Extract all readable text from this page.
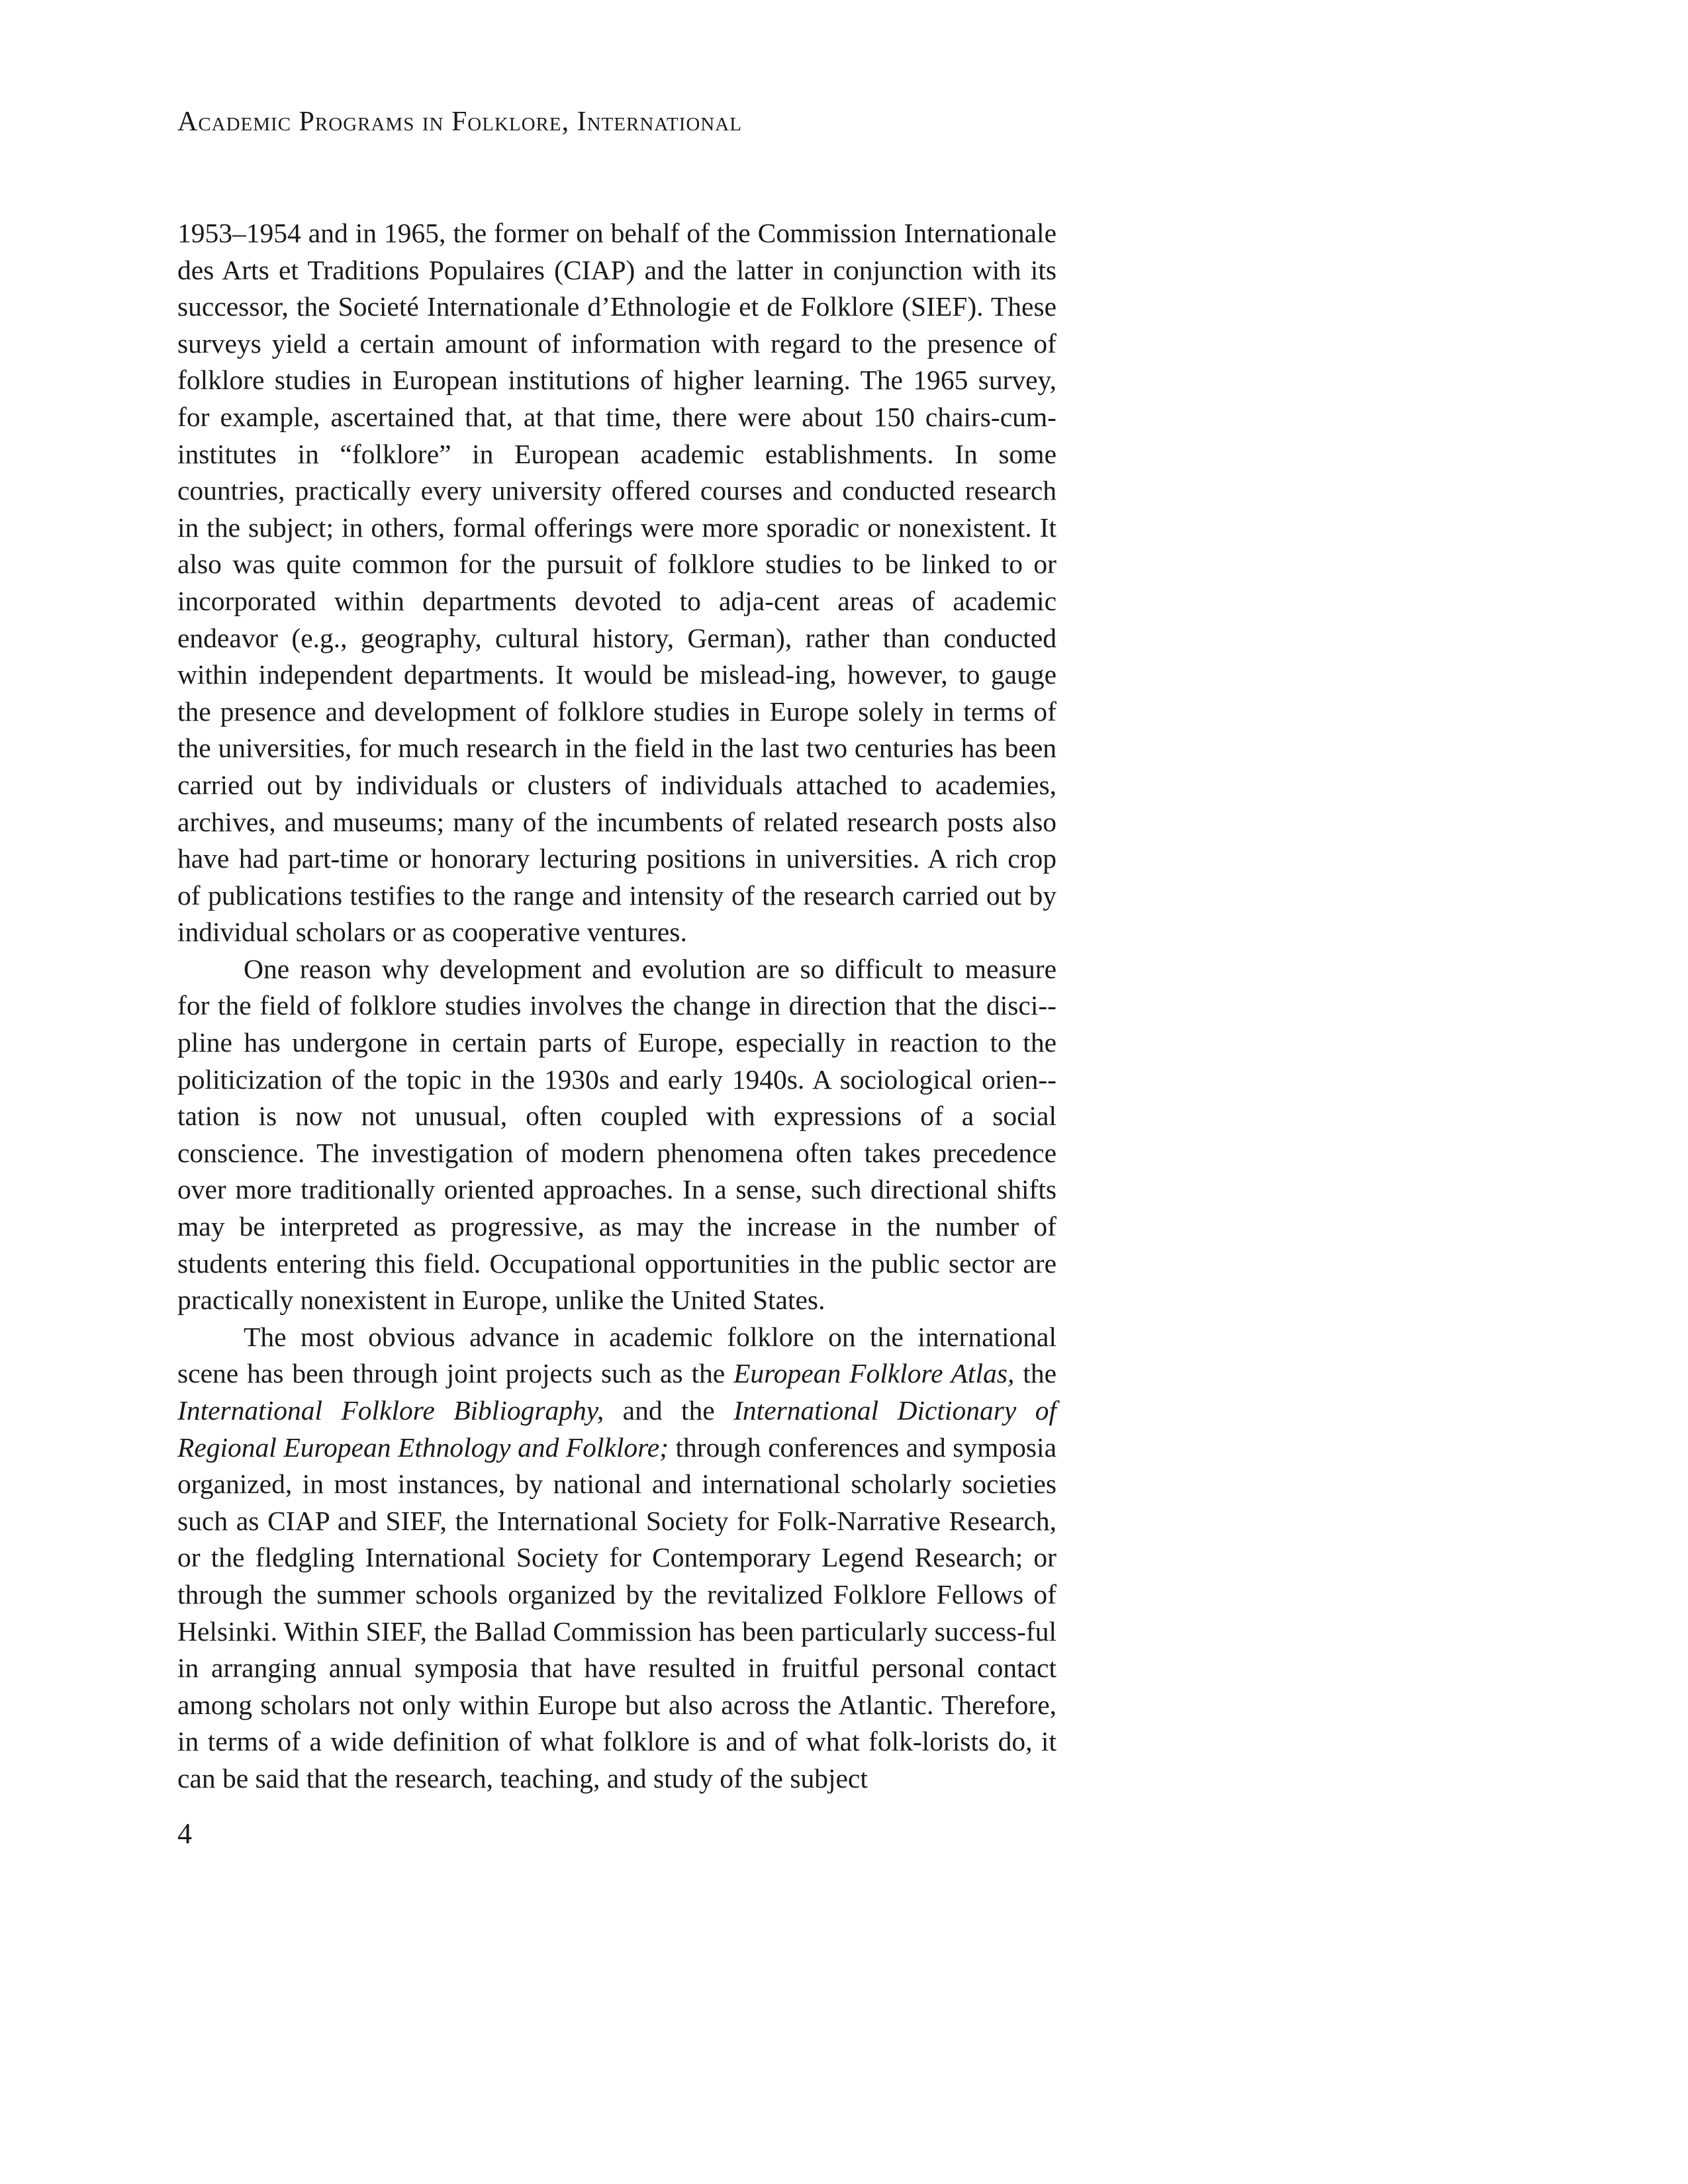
Academic Programs in Folklore, International

1953–1954 and in 1965, the former on behalf of the Commission Internationale des Arts et Traditions Populaires (CIAP) and the latter in conjunction with its successor, the Societé Internationale d’Ethnologie et de Folklore (SIEF). These surveys yield a certain amount of information with regard to the presence of folklore studies in European institutions of higher learning. The 1965 survey, for example, ascertained that, at that time, there were about 150 chairs-cum-institutes in “folklore” in European academic establishments. In some countries, practically every university offered courses and conducted research in the subject; in others, formal offerings were more sporadic or nonexistent. It also was quite common for the pursuit of folklore studies to be linked to or incorporated within departments devoted to adja-cent areas of academic endeavor (e.g., geography, cultural history, German), rather than conducted within independent departments. It would be mislead-ing, however, to gauge the presence and development of folklore studies in Europe solely in terms of the universities, for much research in the field in the last two centuries has been carried out by individuals or clusters of individuals attached to academies, archives, and museums; many of the incumbents of related research posts also have had part-time or honorary lecturing positions in universities. A rich crop of publications testifies to the range and intensity of the research carried out by individual scholars or as cooperative ventures.

One reason why development and evolution are so difficult to measure for the field of folklore studies involves the change in direction that the disci-pline has undergone in certain parts of Europe, especially in reaction to the politicization of the topic in the 1930s and early 1940s. A sociological orien-tation is now not unusual, often coupled with expressions of a social conscience. The investigation of modern phenomena often takes precedence over more traditionally oriented approaches. In a sense, such directional shifts may be interpreted as progressive, as may the increase in the number of students entering this field. Occupational opportunities in the public sector are practically nonexistent in Europe, unlike the United States.

The most obvious advance in academic folklore on the international scene has been through joint projects such as the European Folklore Atlas, the International Folklore Bibliography, and the International Dictionary of Regional European Ethnology and Folklore; through conferences and symposia organized, in most instances, by national and international scholarly societies such as CIAP and SIEF, the International Society for Folk-Narrative Research, or the fledgling International Society for Contemporary Legend Research; or through the summer schools organized by the revitalized Folklore Fellows of Helsinki. Within SIEF, the Ballad Commission has been particularly success-ful in arranging annual symposia that have resulted in fruitful personal contact among scholars not only within Europe but also across the Atlantic. Therefore, in terms of a wide definition of what folklore is and of what folk-lorists do, it can be said that the research, teaching, and study of the subject

4
